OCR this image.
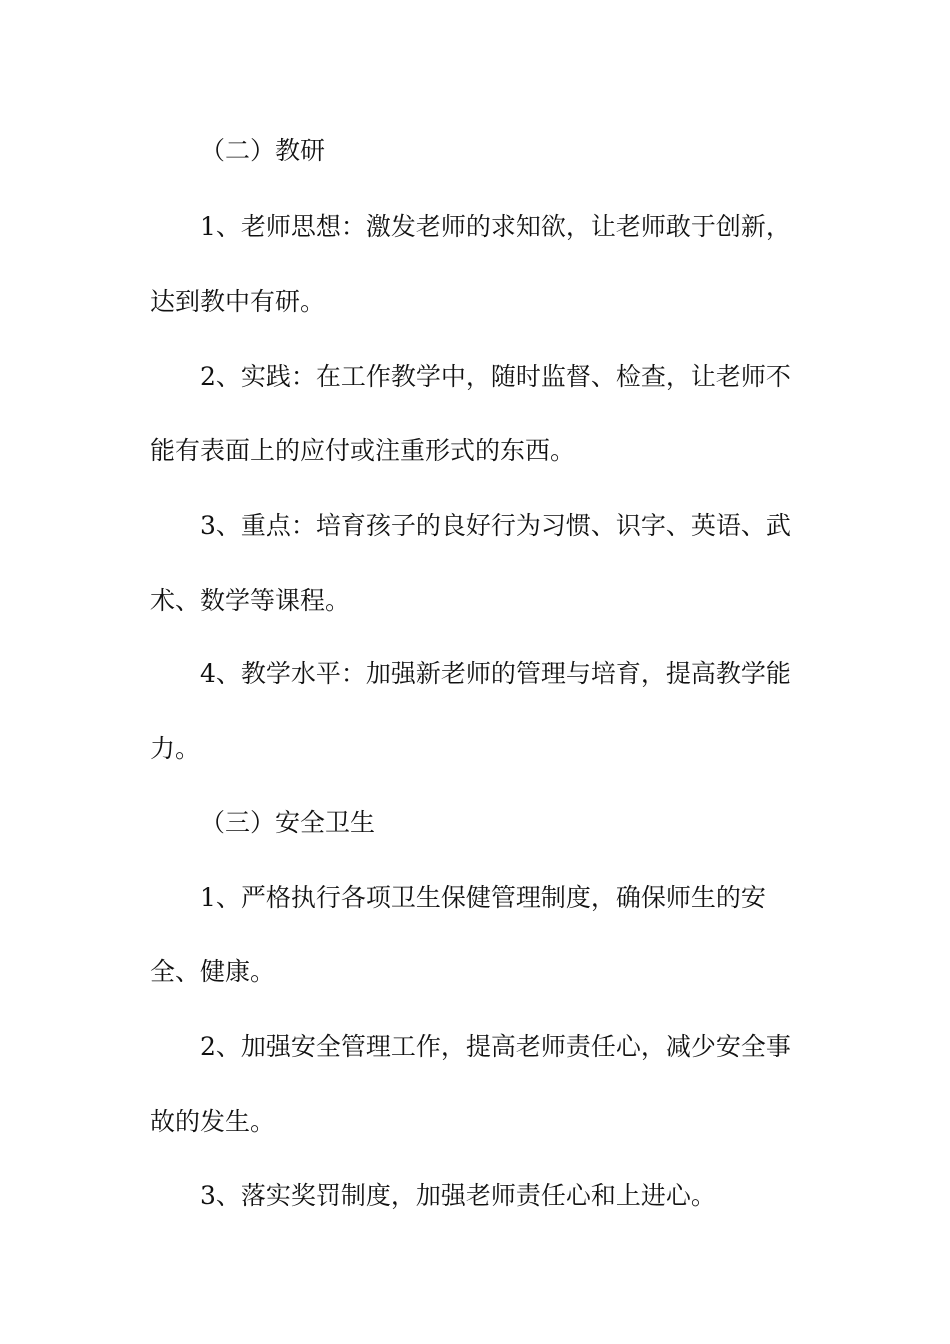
（二）教研
1、老师思想：激发老师的求知欲，让老师敢于创新，
达到教中有研。
2、实践：在工作教学中，随时监督、检查，让老师不
能有表面上的应付或注重形式的东西。
3、重点：培育孩子的良好行为习惯、识字、英语、武
术、数学等课程。
4、教学水平：加强新老师的管理与培育，提高教学能
力。
（三）安全卫生
1、严格执行各项卫生保健管理制度，确保师生的安
全、健康。
2、加强安全管理工作，提高老师责任心，减少安全事
故的发生。
3、落实奖罚制度，加强老师责任心和上进心。
